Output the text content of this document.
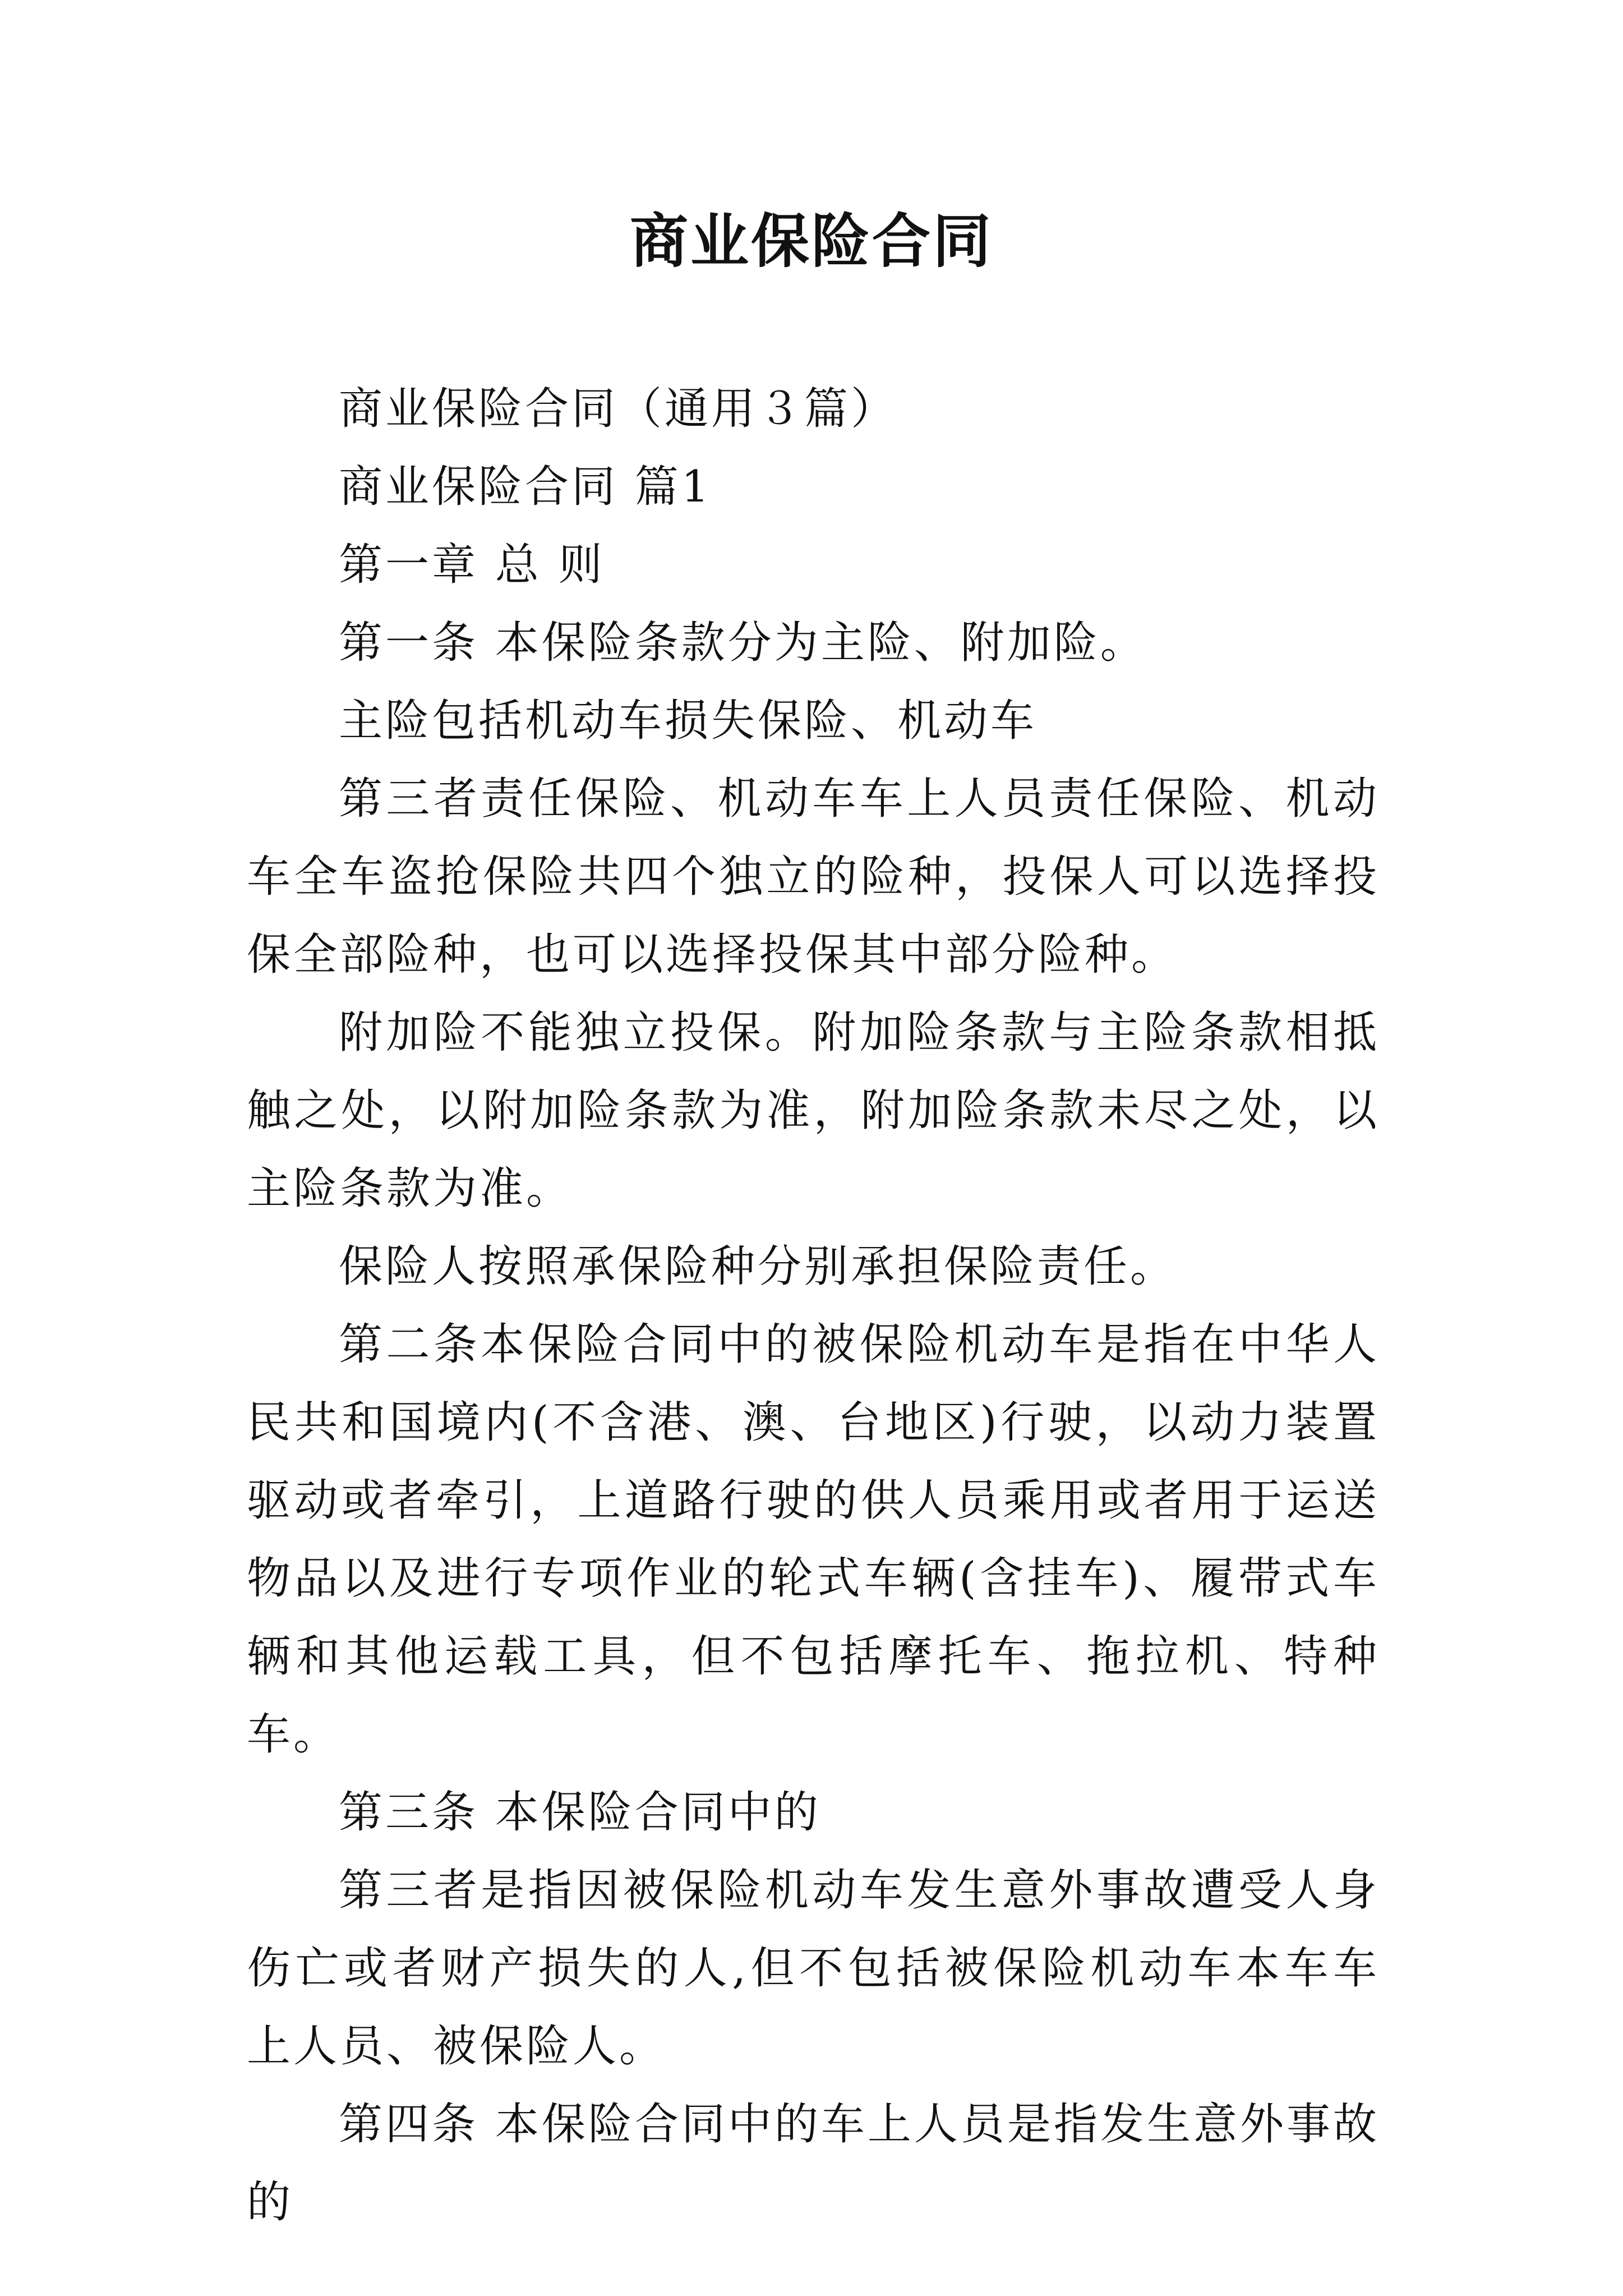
商业保险合同

商业保险合同（通用３篇）

商业保险合同 篇1

第一章 总 则

第一条 本保险条款分为主险、附加险。

主险包括机动车损失保险、机动车

第三者责任保险、机动车车上人员责任保险、机动车全车盗抢保险共四个独立的险种，投保人可以选择投保全部险种，也可以选择投保其中部分险种。

附加险不能独立投保。附加险条款与主险条款相抵触之处，以附加险条款为准，附加险条款未尽之处，以主险条款为准。

保险人按照承保险种分别承担保险责任。

第二条本保险合同中的被保险机动车是指在中华人民共和国境内(不含港、澳、台地区)行驶，以动力装置驱动或者牵引，上道路行驶的供人员乘用或者用于运送物品以及进行专项作业的轮式车辆(含挂车)、履带式车辆和其他运载工具，但不包括摩托车、拖拉机、特种车。

第三条 本保险合同中的

第三者是指因被保险机动车发生意外事故遭受人身伤亡或者财产损失的人,但不包括被保险机动车本车车上人员、被保险人。

第四条 本保险合同中的车上人员是指发生意外事故的
